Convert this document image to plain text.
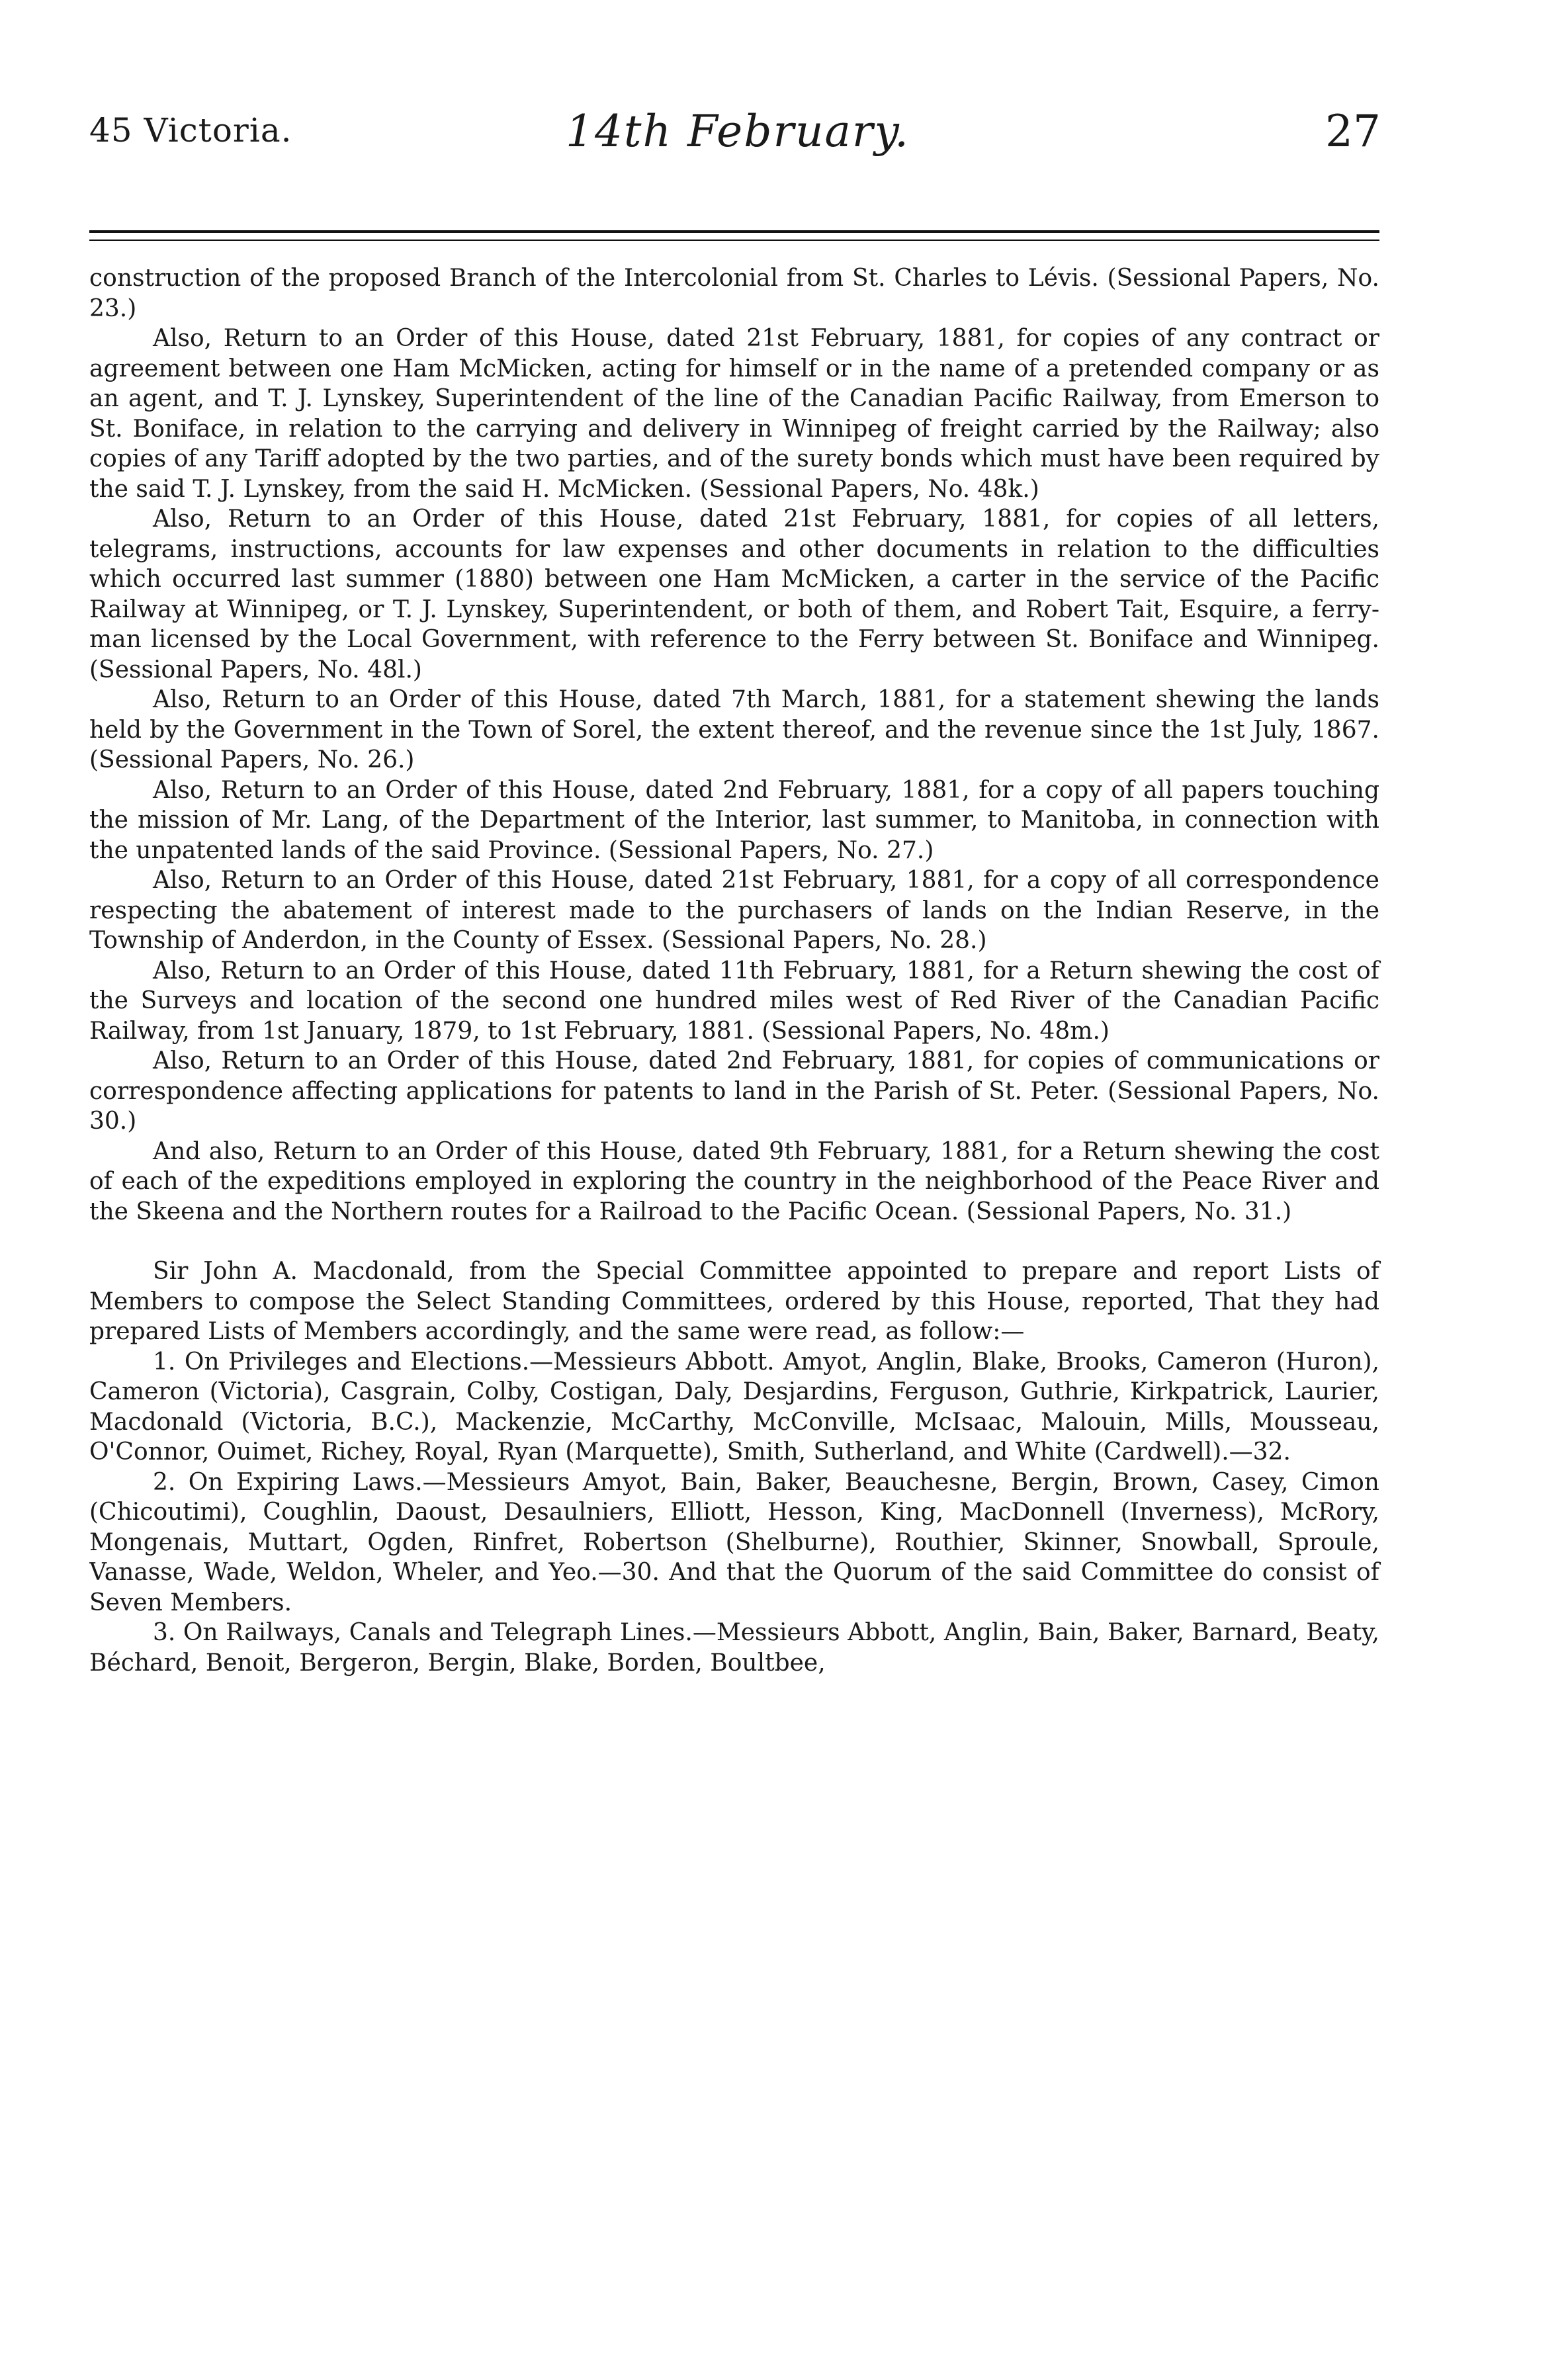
45 Victoria.	14th February.	27

construction of the proposed Branch of the Intercolonial from St. Charles to Lévis. (Sessional Papers, No. 23.)

Also, Return to an Order of this House, dated 21st February, 1881, for copies of any contract or agreement between one Ham McMicken, acting for himself or in the name of a pretended company or as an agent, and T. J. Lynskey, Superintendent of the line of the Canadian Pacific Railway, from Emerson to St. Boniface, in relation to the carrying and delivery in Winnipeg of freight carried by the Railway; also copies of any Tariff adopted by the two parties, and of the surety bonds which must have been required by the said T. J. Lynskey, from the said H. McMicken. (Sessional Papers, No. 48k.)

Also, Return to an Order of this House, dated 21st February, 1881, for copies of all letters, telegrams, instructions, accounts for law expenses and other documents in relation to the difficulties which occurred last summer (1880) between one Ham McMicken, a carter in the service of the Pacific Railway at Winnipeg, or T. J. Lynskey, Superintendent, or both of them, and Robert Tait, Esquire, a ferry-man licensed by the Local Government, with reference to the Ferry between St. Boniface and Winnipeg. (Sessional Papers, No. 48l.)

Also, Return to an Order of this House, dated 7th March, 1881, for a statement shewing the lands held by the Government in the Town of Sorel, the extent thereof, and the revenue since the 1st July, 1867. (Sessional Papers, No. 26.)

Also, Return to an Order of this House, dated 2nd February, 1881, for a copy of all papers touching the mission of Mr. Lang, of the Department of the Interior, last summer, to Manitoba, in connection with the unpatented lands of the said Province. (Sessional Papers, No. 27.)

Also, Return to an Order of this House, dated 21st February, 1881, for a copy of all correspondence respecting the abatement of interest made to the purchasers of lands on the Indian Reserve, in the Township of Anderdon, in the County of Essex. (Sessional Papers, No. 28.)

Also, Return to an Order of this House, dated 11th February, 1881, for a Return shewing the cost of the Surveys and location of the second one hundred miles west of Red River of the Canadian Pacific Railway, from 1st January, 1879, to 1st February, 1881. (Sessional Papers, No. 48m.)

Also, Return to an Order of this House, dated 2nd February, 1881, for copies of communications or correspondence affecting applications for patents to land in the Parish of St. Peter. (Sessional Papers, No. 30.)

And also, Return to an Order of this House, dated 9th February, 1881, for a Return shewing the cost of each of the expeditions employed in exploring the country in the neighborhood of the Peace River and the Skeena and the Northern routes for a Railroad to the Pacific Ocean. (Sessional Papers, No. 31.)

Sir John A. Macdonald, from the Special Committee appointed to prepare and report Lists of Members to compose the Select Standing Committees, ordered by this House, reported, That they had prepared Lists of Members accordingly, and the same were read, as follow:—

1. On Privileges and Elections.—Messieurs Abbott. Amyot, Anglin, Blake, Brooks, Cameron (Huron), Cameron (Victoria), Casgrain, Colby, Costigan, Daly, Desjardins, Ferguson, Guthrie, Kirkpatrick, Laurier, Macdonald (Victoria, B.C.), Mackenzie, McCarthy, McConville, McIsaac, Malouin, Mills, Mousseau, O'Connor, Ouimet, Richey, Royal, Ryan (Marquette), Smith, Sutherland, and White (Cardwell).—32.

2. On Expiring Laws.—Messieurs Amyot, Bain, Baker, Beauchesne, Bergin, Brown, Casey, Cimon (Chicoutimi), Coughlin, Daoust, Desaulniers, Elliott, Hesson, King, MacDonnell (Inverness), McRory, Mongenais, Muttart, Ogden, Rinfret, Robertson (Shelburne), Routhier, Skinner, Snowball, Sproule, Vanasse, Wade, Weldon, Wheler, and Yeo.—30. And that the Quorum of the said Committee do consist of Seven Members.

3. On Railways, Canals and Telegraph Lines.—Messieurs Abbott, Anglin, Bain, Baker, Barnard, Beaty, Béchard, Benoit, Bergeron, Bergin, Blake, Borden, Boultbee,
